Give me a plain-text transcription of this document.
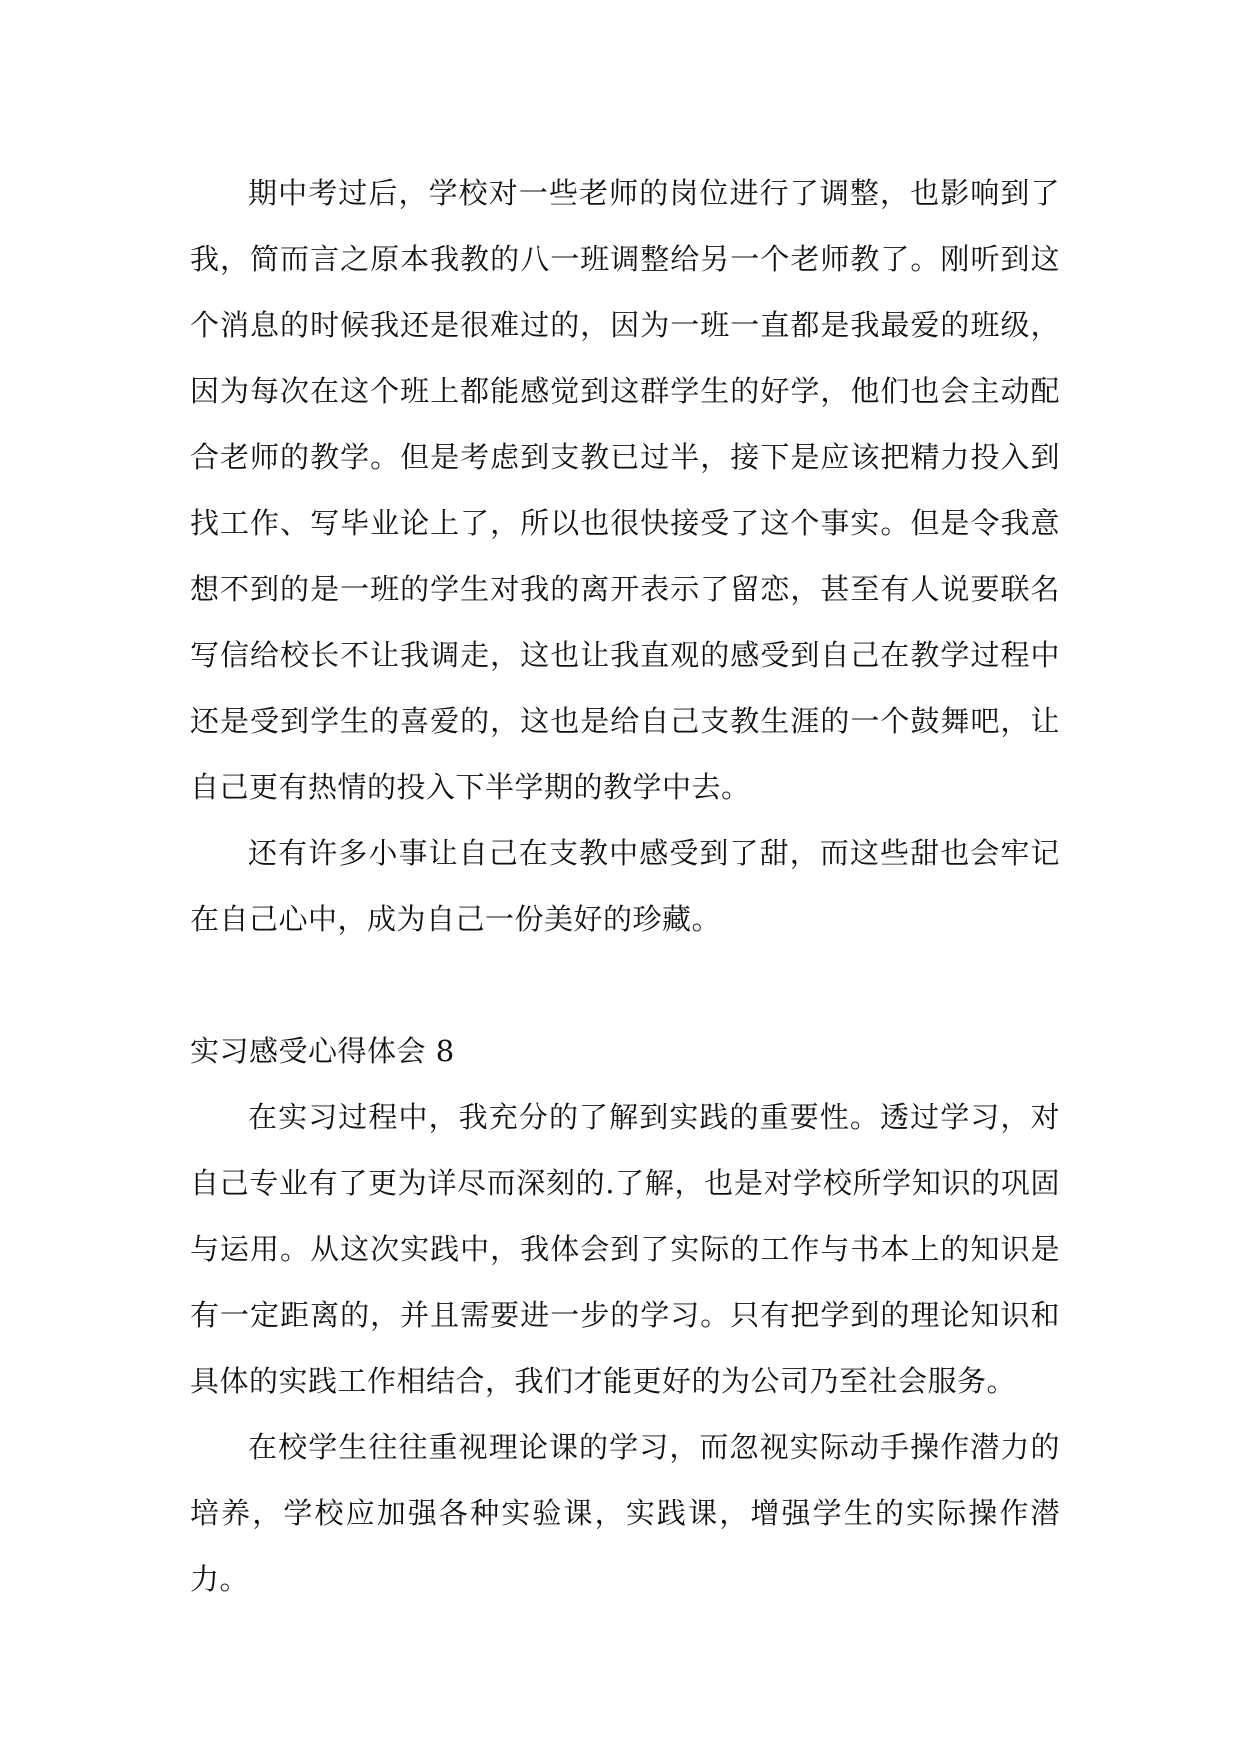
期中考过后，学校对一些老师的岗位进行了调整，也影响到了我，简而言之原本我教的八一班调整给另一个老师教了。刚听到这个消息的时候我还是很难过的，因为一班一直都是我最爱的班级，因为每次在这个班上都能感觉到这群学生的好学，他们也会主动配合老师的教学。但是考虑到支教已过半，接下是应该把精力投入到找工作、写毕业论上了，所以也很快接受了这个事实。但是令我意想不到的是一班的学生对我的离开表示了留恋，甚至有人说要联名写信给校长不让我调走，这也让我直观的感受到自己在教学过程中还是受到学生的喜爱的，这也是给自己支教生涯的一个鼓舞吧，让自己更有热情的投入下半学期的教学中去。

还有许多小事让自己在支教中感受到了甜，而这些甜也会牢记在自己心中，成为自己一份美好的珍藏。

实习感受心得体会 8

在实习过程中，我充分的了解到实践的重要性。透过学习，对自己专业有了更为详尽而深刻的.了解，也是对学校所学知识的巩固与运用。从这次实践中，我体会到了实际的工作与书本上的知识是有一定距离的，并且需要进一步的学习。只有把学到的理论知识和具体的实践工作相结合，我们才能更好的为公司乃至社会服务。

在校学生往往重视理论课的学习，而忽视实际动手操作潜力的培养，学校应加强各种实验课，实践课，增强学生的实际操作潜力。
